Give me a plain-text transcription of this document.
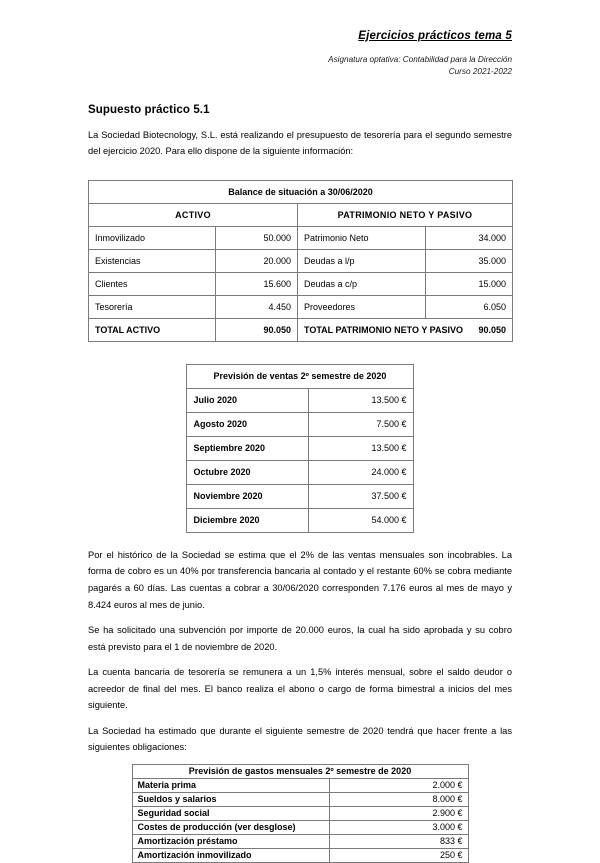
Ejercicios prácticos tema 5
Asignatura optativa: Contabilidad para la Dirección
Curso 2021-2022
Supuesto práctico 5.1

La Sociedad Biotecnology, S.L. está realizando el presupuesto de tesorería para el segundo semestre del ejercicio 2020. Para ello dispone de la siguiente información:

Balance de situación a 30/06/2020			
ACTIVO		PATRIMONIO NETO Y PASIVO	
Inmovilizado	50.000	Patrimonio Neto	34.000
Existencias	20.000	Deudas a l/p	35.000
Clientes	15.600	Deudas a c/p	15.000
Tesorería	4.450	Proveedores	6.050
TOTAL ACTIVO	90.050	TOTAL PATRIMONIO NETO Y PASIVO 90.050	
Previsión de ventas 2º semestre de 2020	
Julio 2020	13.500 €
Agosto 2020	7.500 €
Septiembre 2020	13.500 €
Octubre 2020	24.000 €
Noviembre 2020	37.500 €
Diciembre 2020	54.000 €

Por el histórico de la Sociedad se estima que el 2% de las ventas mensuales son incobrables. La forma de cobro es un 40% por transferencia bancaria al contado y el restante 60% se cobra mediante pagarés a 60 días. Las cuentas a cobrar a 30/06/2020 corresponden 7.176 euros al mes de mayo y 8.424 euros al mes de junio.

Se ha solicitado una subvención por importe de 20.000 euros, la cual ha sido aprobada y su cobro está previsto para el 1 de noviembre de 2020.

La cuenta bancaria de tesorería se remunera a un 1,5% interés mensual, sobre el saldo deudor o acreedor de final del mes. El banco realiza el abono o cargo de forma bimestral a inicios del mes siguiente.

La Sociedad ha estimado que durante el siguiente semestre de 2020 tendrá que hacer frente a las siguientes obligaciones:

Previsión de gastos mensuales 2º semestre de 2020	
Materia prima	2.000 €
Sueldos y salarios	8.000 €
Seguridad social	2.900 €
Costes de producción (ver desglose)	3.000 €
Amortización préstamo	833 €
Amortización inmovilizado	250 €
